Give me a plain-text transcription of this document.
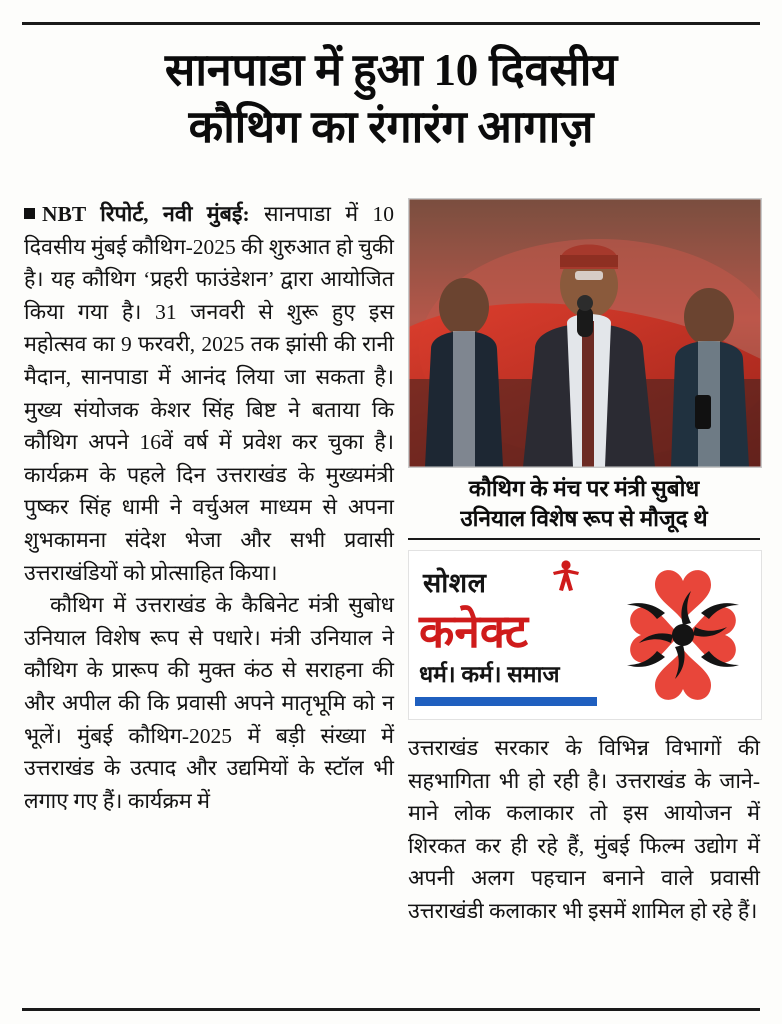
सानपाडा में हुआ 10 दिवसीय
कौथिग का रंगारंग आगाज़

NBT रिपोर्ट, नवी मुंबई: सानपाडा में 10 दिवसीय मुंबई कौथिग-2025 की शुरुआत हो चुकी है। यह कौथिग ‘प्रहरी फाउंडेशन’ द्वारा आयोजित किया गया है। 31 जनवरी से शुरू हुए इस महोत्सव का 9 फरवरी, 2025 तक झांसी की रानी मैदान, सानपाडा में आनंद लिया जा सकता है। मुख्य संयोजक केशर सिंह बिष्ट ने बताया कि कौथिग अपने 16वें वर्ष में प्रवेश कर चुका है। कार्यक्रम के पहले दिन उत्तराखंड के मुख्यमंत्री पुष्कर सिंह धामी ने वर्चुअल माध्यम से अपना शुभकामना संदेश भेजा और सभी प्रवासी उत्तराखंडियों को प्रोत्साहित किया।

कौथिग में उत्तराखंड के कैबिनेट मंत्री सुबोध उनियाल विशेष रूप से पधारे। मंत्री उनियाल ने कौथिग के प्रारूप की मुक्त कंठ से सराहना की और अपील की कि प्रवासी अपने मातृभूमि को न भूलें। मुंबई कौथिग-2025 में बड़ी संख्या में उत्तराखंड के उत्पाद और उद्यमियों के स्टॉल भी लगाए गए हैं। कार्यक्रम में

कौथिग के मंच पर मंत्री सुबोध
उनियाल विशेष रूप से मौजूद थे
सोशल
कनेक्ट
धर्म। कर्म। समाज

उत्तराखंड सरकार के विभिन्न विभागों की सहभागिता भी हो रही है। उत्तराखंड के जाने-माने लोक कलाकार तो इस आयोजन में शिरकत कर ही रहे हैं, मुंबई फिल्म उद्योग में अपनी अलग पहचान बनाने वाले प्रवासी उत्तराखंडी कलाकार भी इसमें शामिल हो रहे हैं।
